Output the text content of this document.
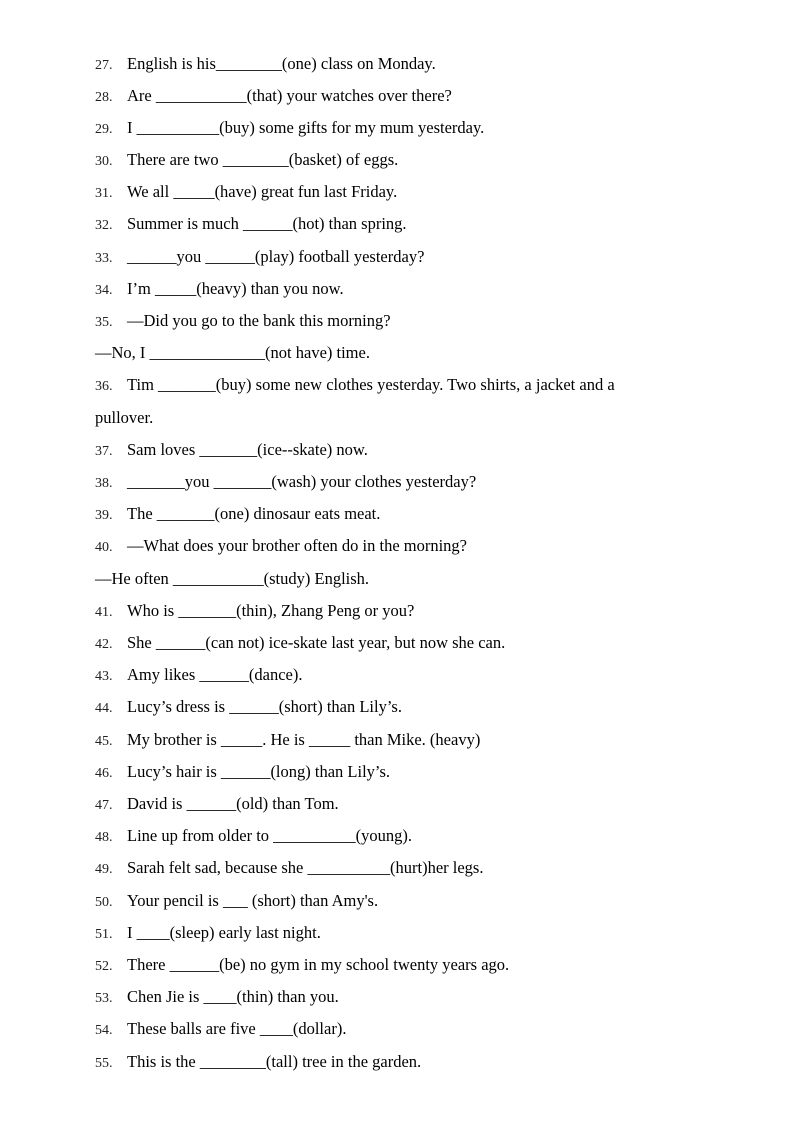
27. English is his________(one) class on Monday.
28. Are ___________(that) your watches over there?
29. I __________(buy) some gifts for my mum yesterday.
30. There are two ________(basket) of eggs.
31. We all _____(have) great fun last Friday.
32. Summer is much ______(hot) than spring.
33. ______you ______(play) football yesterday?
34. I’m _____(heavy) than you now.
35. —Did you go to the bank this morning?
—No, I ______________(not have) time.
36. Tim _______(buy) some new clothes yesterday. Two shirts, a jacket and a
pullover.
37. Sam loves _______(ice--skate) now.
38. _______you _______(wash) your clothes yesterday?
39. The _______(one) dinosaur eats meat.
40. —What does your brother often do in the morning?
—He often ___________(study) English.
41. Who is _______(thin), Zhang Peng or you?
42. She ______(can not) ice-skate last year, but now she can.
43. Amy likes ______(dance).
44. Lucy’s dress is ______(short) than Lily’s.
45. My brother is _____. He is _____ than Mike. (heavy)
46. Lucy’s hair is ______(long) than Lily’s.
47. David is ______(old) than Tom.
48. Line up from older to __________(young).
49. Sarah felt sad, because she __________(hurt)her legs.
50. Your pencil is ___ (short) than Amy's.
51. I ____(sleep) early last night.
52. There ______(be) no gym in my school twenty years ago.
53. Chen Jie is ____(thin) than you.
54. These balls are five ____(dollar).
55. This is the ________(tall) tree in the garden.
